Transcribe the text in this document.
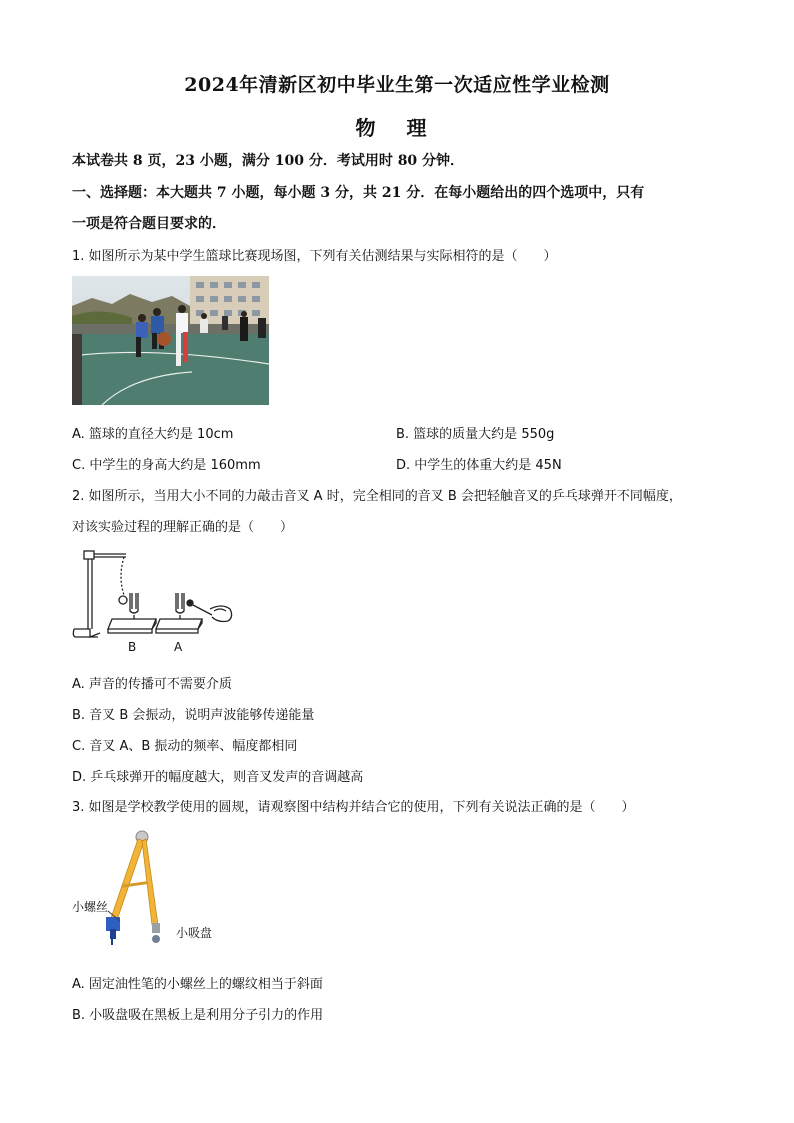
2024年清新区初中毕业生第一次适应性学业检测
物 理
本试卷共 8 页，23 小题，满分 100 分．考试用时 80 分钟．
一、选择题：本大题共 7 小题，每小题 3 分，共 21 分．在每小题给出的四个选项中，只有
一项是符合题目要求的．
1. 如图所示为某中学生篮球比赛现场图，下列有关估测结果与实际相符的是（　　）
A. 篮球的直径大约是 10cm	B. 篮球的质量大约是 550g
C. 中学生的身高大约是 160mm	D. 中学生的体重大约是 45N
2. 如图所示，当用大小不同的力敲击音叉 A 时，完全相同的音叉 B 会把轻触音叉的乒乓球弹开不同幅度，
对该实验过程的理解正确的是（　　）
B	A
A. 声音的传播可不需要介质
B. 音叉 B 会振动，说明声波能够传递能量
C. 音叉 A、B 振动的频率、幅度都相同
D. 乒乓球弹开的幅度越大，则音叉发声的音调越高
3. 如图是学校教学使用的圆规，请观察图中结构并结合它的使用，下列有关说法正确的是（　　）
小螺丝
小吸盘
A. 固定油性笔的小螺丝上的螺纹相当于斜面
B. 小吸盘吸在黑板上是利用分子引力的作用
